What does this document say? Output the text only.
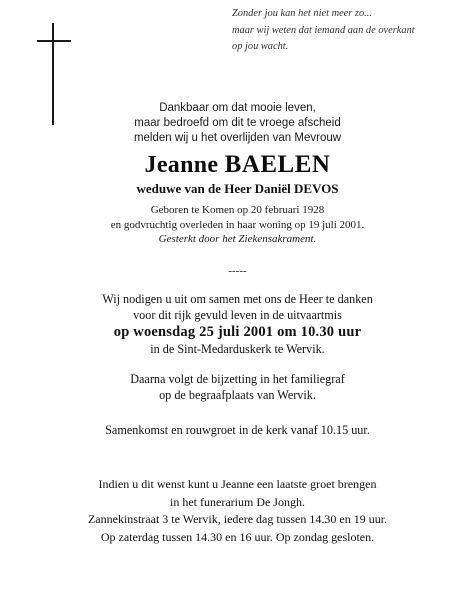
Zonder jou kan het niet meer zo...
maar wij weten dat iemand aan de overkant
op jou wacht.
Dankbaar om dat mooie leven,
maar bedroefd om dit te vroege afscheid
melden wij u het overlijden van Mevrouw
Jeanne BAELEN
weduwe van de Heer Daniël DEVOS
Geboren te Komen op 20 februari 1928
en godvruchtig overleden in haar woning op 19 juli 2001.
Gesterkt door het Ziekensakrament.
-----
Wij nodigen u uit om samen met ons de Heer te danken
voor dit rijk gevuld leven in de uitvaartmis
op woensdag 25 juli 2001 om 10.30 uur
in de Sint-Medarduskerk te Wervik.
Daarna volgt de bijzetting in het familiegraf
op de begraafplaats van Wervik.
Samenkomst en rouwgroet in de kerk vanaf 10.15 uur.
Indien u dit wenst kunt u Jeanne een laatste groet brengen
in het funerarium De Jongh.
Zannekinstraat 3 te Wervik, iedere dag tussen 14.30 en 19 uur.
Op zaterdag tussen 14.30 en 16 uur. Op zondag gesloten.
